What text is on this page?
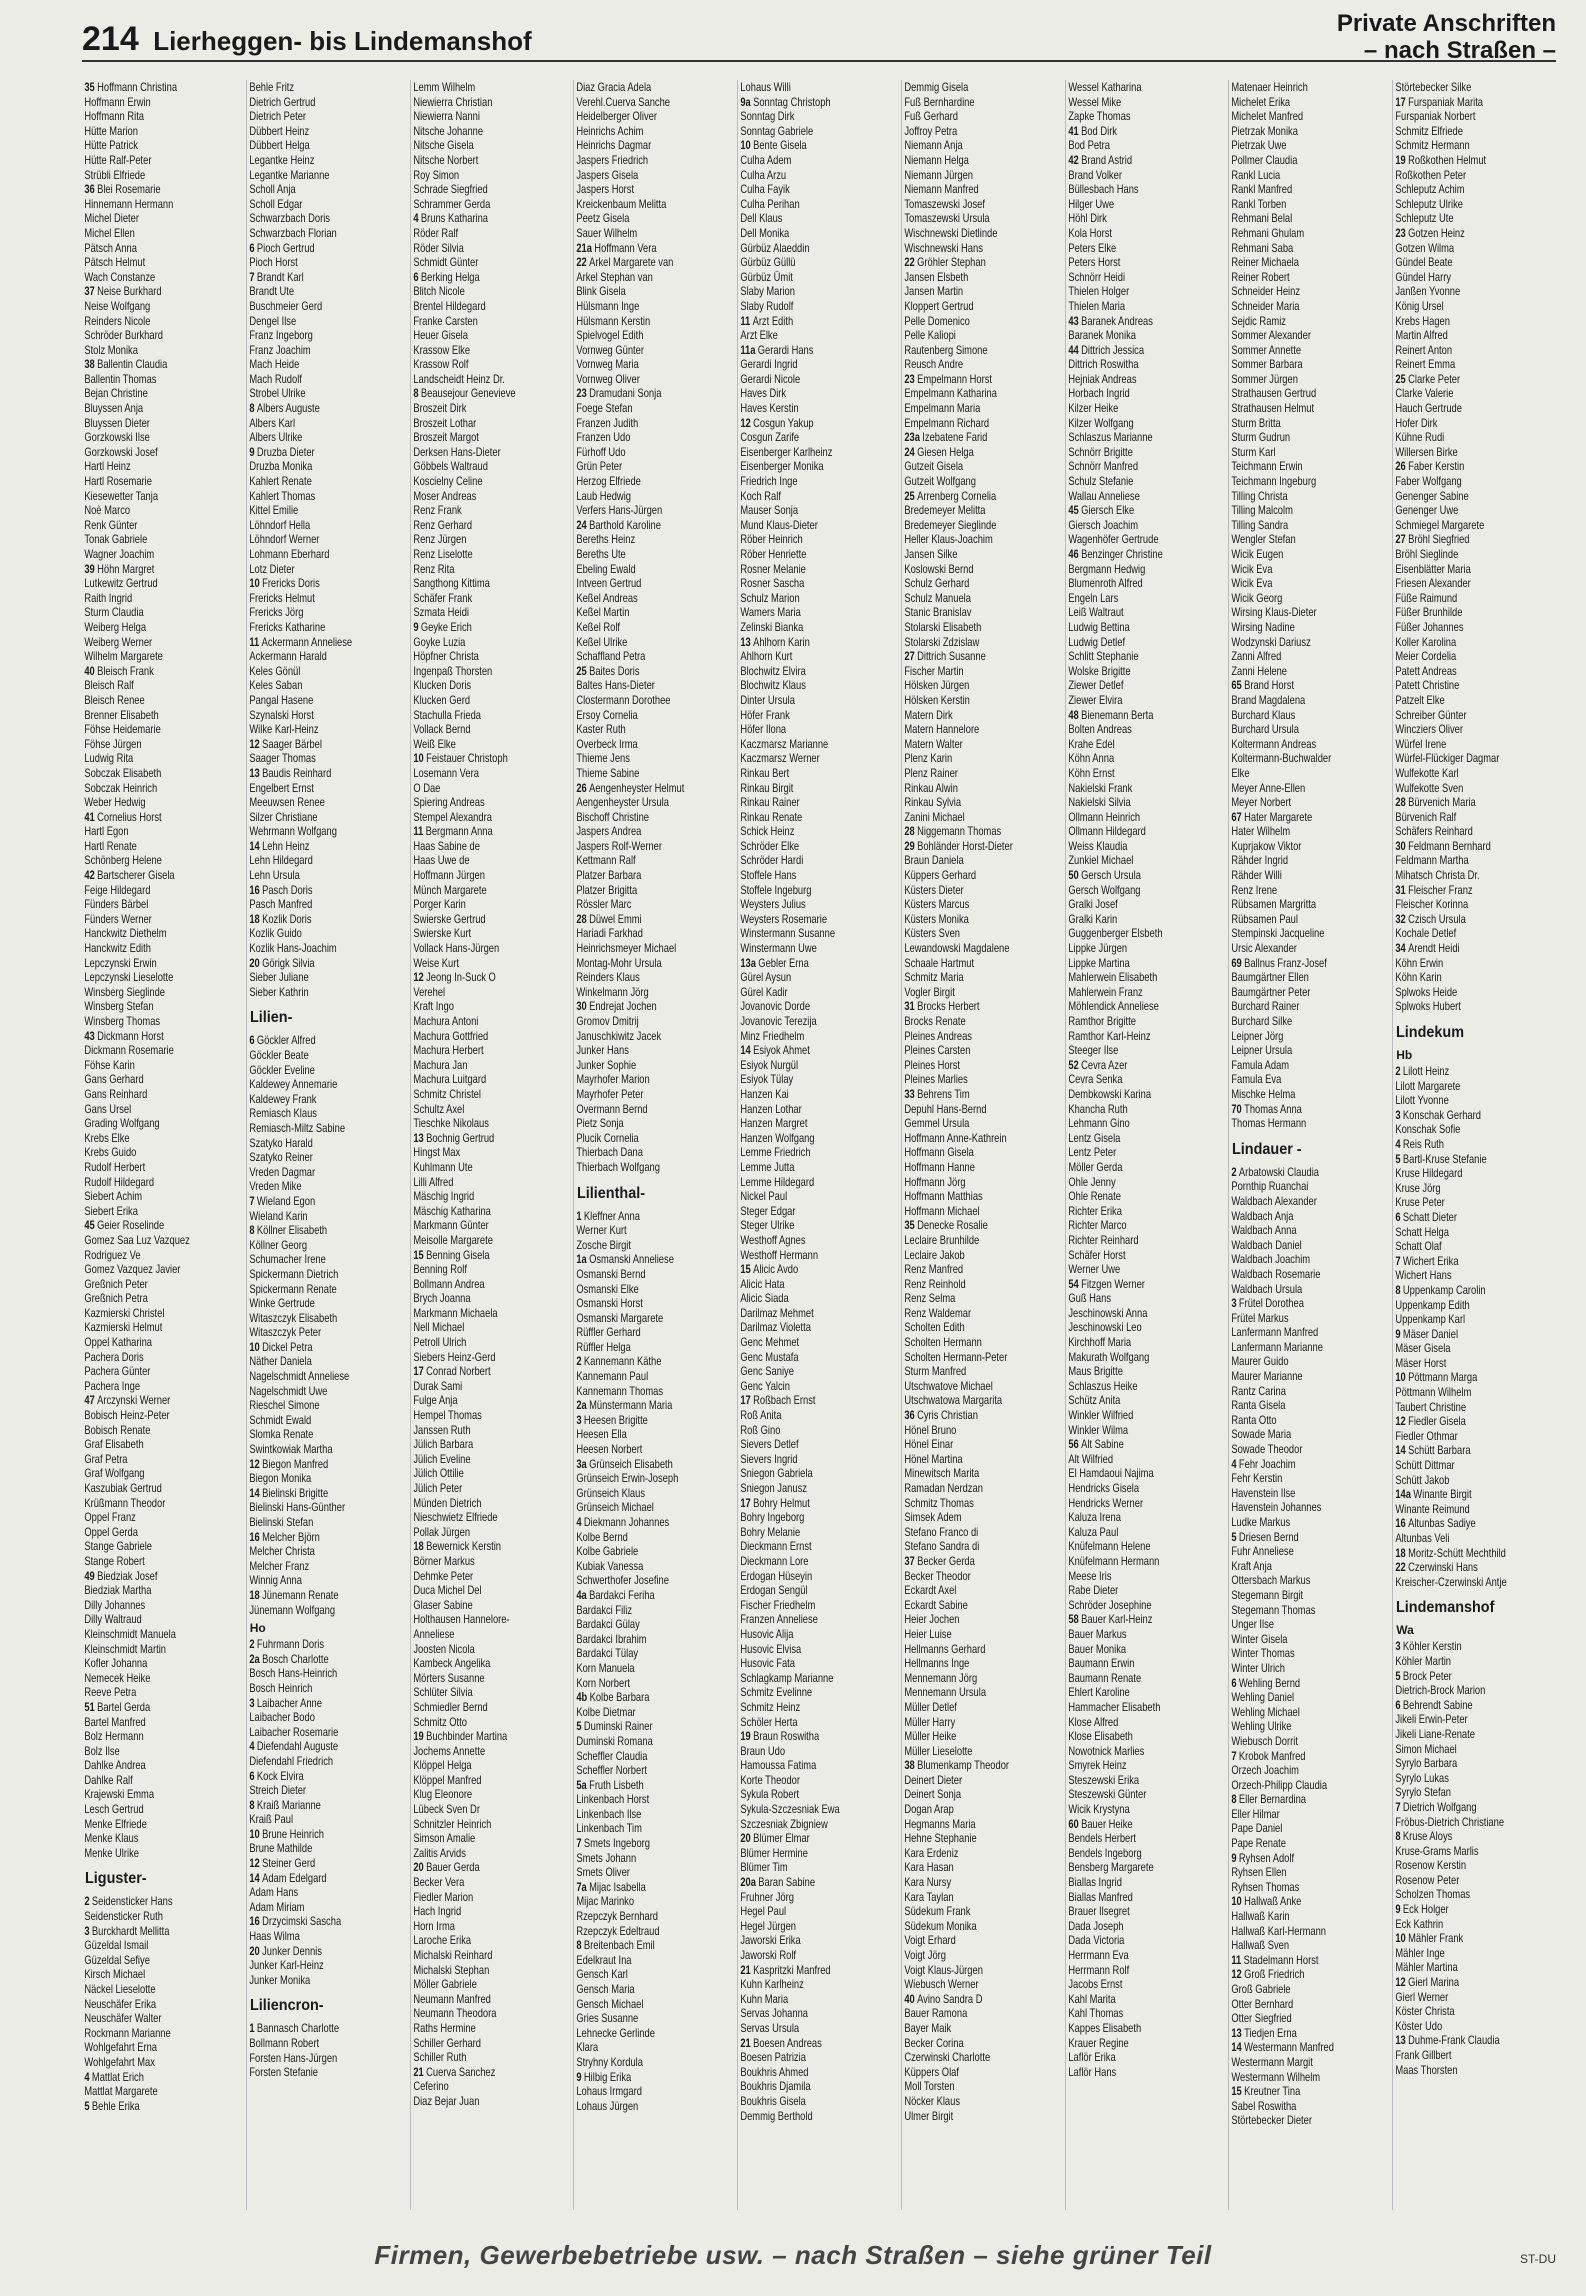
214 Lierheggen- bis Lindemanshof
Private Anschriften
– nach Straßen –
35 Hoffmann Christina
Hoffmann Erwin
Hoffmann Rita
Hütte Marion
Hütte Patrick
Hütte Ralf-Peter
Strübli Elfriede
36 Blei Rosemarie
Hinnemann Hermann
Michel Dieter
Michel Ellen
Pätsch Anna
Pätsch Helmut
Wach Constanze
37 Neise Burkhard
Neise Wolfgang
Reinders Nicole
Schröder Burkhard
Stolz Monika
38 Ballentin Claudia
Ballentin Thomas
Bejan Christine
Bluyssen Anja
Bluyssen Dieter
Gorzkowski Ilse
Gorzkowski Josef
Hartl Heinz
Hartl Rosemarie
Kiesewetter Tanja
Noè Marco
Renk Günter
Tonak Gabriele
Wagner Joachim
39 Höhn Margret
Lutkewitz Gertrud
Raith Ingrid
Sturm Claudia
Weiberg Helga
Weiberg Werner
Wilhelm Margarete
40 Bleisch Frank
Bleisch Ralf
Bleisch Renee
Brenner Elisabeth
Föhse Heidemarie
Föhse Jürgen
Ludwig Rita
Sobczak Elisabeth
Sobczak Heinrich
Weber Hedwig
41 Cornelius Horst
Hartl Egon
Hartl Renate
Schönberg Helene
42 Bartscherer Gisela
Feige Hildegard
Fünders Bärbel
Fünders Werner
Hanckwitz Diethelm
Hanckwitz Edith
Lepczynski Erwin
Lepczynski Lieselotte
Winsberg Sieglinde
Winsberg Stefan
Winsberg Thomas
43 Dickmann Horst
Dickmann Rosemarie
Föhse Karin
Gans Gerhard
Gans Reinhard
Gans Ursel
Grading Wolfgang
Krebs Elke
Krebs Guido
Rudolf Herbert
Rudolf Hildegard
Siebert Achim
Siebert Erika
45 Geier Roselinde
Gomez Saa Luz Vazquez
Rodriguez Ve
Gomez Vazquez Javier
Greßnich Peter
Greßnich Petra
Kazmierski Christel
Kazmierski Helmut
Oppel Katharina
Pachera Doris
Pachera Günter
Pachera Inge
47 Arczynski Werner
Bobisch Heinz-Peter
Bobisch Renate
Graf Elisabeth
Graf Petra
Graf Wolfgang
Kaszubiak Gertrud
Krüßmann Theodor
Oppel Franz
Oppel Gerda
Stange Gabriele
Stange Robert
49 Biedziak Josef
Biedziak Martha
Dilly Johannes
Dilly Waltraud
Kleinschmidt Manuela
Kleinschmidt Martin
Kofler Johanna
Nemecek Heike
Reeve Petra
51 Bartel Gerda
Bartel Manfred
Bolz Hermann
Bolz Ilse
Dahlke Andrea
Dahlke Ralf
Krajewski Emma
Lesch Gertrud
Menke Elfriede
Menke Klaus
Menke Ulrike
Liguster-
2 Seidensticker Hans
Seidensticker Ruth
3 Burckhardt Mellitta
Güzeldal Ismail
Güzeldal Sefiye
Kirsch Michael
Näckel Lieselotte
Neuschäfer Erika
Neuschäfer Walter
Rockmann Marianne
Wohlgefahrt Erna
Wohlgefahrt Max
4 Mattlat Erich
Mattlat Margarete
5 Behle Erika
Behle Fritz
Dietrich Gertrud
Dietrich Peter
Dübbert Heinz
Dübbert Helga
Legantke Heinz
Legantke Marianne
Scholl Anja
Scholl Edgar
Schwarzbach Doris
Schwarzbach Florian
6 Pioch Gertrud
Pioch Horst
7 Brandt Karl
Brandt Ute
Buschmeier Gerd
Dengel Ilse
Franz Ingeborg
Franz Joachim
Mach Heide
Mach Rudolf
Strobel Ulrike
8 Albers Auguste
Albers Karl
Albers Ulrike
9 Druzba Dieter
Druzba Monika
Kahlert Renate
Kahlert Thomas
Kittel Emilie
Löhndorf Hella
Löhndorf Werner
Lohmann Eberhard
Lotz Dieter
10 Frericks Doris
Frericks Helmut
Frericks Jörg
Frericks Katharine
11 Ackermann Anneliese
Ackermann Harald
Keles Gönül
Keles Saban
Pangal Hasene
Szynalski Horst
Wilke Karl-Heinz
12 Saager Bärbel
Saager Thomas
13 Baudis Reinhard
Engelbert Ernst
Meeuwsen Renee
Silzer Christiane
Wehrmann Wolfgang
14 Lehn Heinz
Lehn Hildegard
Lehn Ursula
16 Pasch Doris
Pasch Manfred
18 Kozlik Doris
Kozlik Guido
Kozlik Hans-Joachim
20 Görigk Silvia
Sieber Juliane
Sieber Kathrin
Lilien-
6 Göckler Alfred
Göckler Beate
Göckler Eveline
Kaldewey Annemarie
Kaldewey Frank
Remiasch Klaus
Remiasch-Miltz Sabine
Szatyko Harald
Szatyko Reiner
Vreden Dagmar
Vreden Mike
7 Wieland Egon
Wieland Karin
8 Köllner Elisabeth
Köllner Georg
Schumacher Irene
Spickermann Dietrich
Spickermann Renate
Winke Gertrude
Witaszczyk Elisabeth
Witaszczyk Peter
10 Dickel Petra
Näther Daniela
Nagelschmidt Anneliese
Nagelschmidt Uwe
Rieschel Simone
Schmidt Ewald
Slomka Renate
Swintkowiak Martha
12 Biegon Manfred
Biegon Monika
14 Bielinski Brigitte
Bielinski Hans-Günther
Bielinski Stefan
16 Melcher Björn
Melcher Christa
Melcher Franz
Winnig Anna
18 Jünemann Renate
Jünemann Wolfgang
Ho
2 Fuhrmann Doris
2a Bosch Charlotte
Bosch Hans-Heinrich
Bosch Heinrich
3 Laibacher Anne
Laibacher Bodo
Laibacher Rosemarie
4 Diefendahl Auguste
Diefendahl Friedrich
6 Kock Elvira
Streich Dieter
8 Kraiß Marianne
Kraiß Paul
10 Brune Heinrich
Brune Mathilde
12 Steiner Gerd
14 Adam Edelgard
Adam Hans
Adam Miriam
16 Drzycimski Sascha
Haas Wilma
20 Junker Dennis
Junker Karl-Heinz
Junker Monika
Liliencron-
1 Bannasch Charlotte
Bollmann Robert
Forsten Hans-Jürgen
Forsten Stefanie
Lemm Wilhelm
Niewierra Christian
Niewierra Nanni
Nitsche Johanne
Nitsche Gisela
Nitsche Norbert
Roy Simon
Schrade Siegfried
Schrammer Gerda
4 Bruns Katharina
Röder Ralf
Röder Silvia
Schmidt Günter
6 Berking Helga
Blitch Nicole
Brentel Hildegard
Franke Carsten
Heuer Gisela
Krassow Elke
Krassow Rolf
Landscheidt Heinz Dr.
8 Beausejour Genevieve
Broszeit Dirk
Broszeit Lothar
Broszeit Margot
Derksen Hans-Dieter
Göbbels Waltraud
Koscielny Celine
Moser Andreas
Renz Frank
Renz Gerhard
Renz Jürgen
Renz Liselotte
Renz Rita
Sangthong Kittima
Schäfer Frank
Szmata Heidi
9 Geyke Erich
Goyke Luzia
Höpfner Christa
Ingenpaß Thorsten
Klucken Doris
Klucken Gerd
Stachulla Frieda
Vollack Bernd
Weiß Elke
10 Feistauer Christoph
Losemann Vera
O Dae
Spiering Andreas
Stempel Alexandra
11 Bergmann Anna
Haas Sabine de
Haas Uwe de
Hoffmann Jürgen
Münch Margarete
Porger Karin
Swierske Gertrud
Swierske Kurt
Vollack Hans-Jürgen
Weise Kurt
12 Jeong In-Suck O
Verehel
Kraft Ingo
Machura Antoni
Machura Gottfried
Machura Herbert
Machura Jan
Machura Luitgard
Schmitz Christel
Schultz Axel
Tieschke Nikolaus
13 Bochnig Gertrud
Hingst Max
Kuhlmann Ute
Lilli Alfred
Mäschig Ingrid
Mäschig Katharina
Markmann Günter
Meisolle Margarete
15 Benning Gisela
Benning Rolf
Bollmann Andrea
Brych Joanna
Markmann Michaela
Nell Michael
Petroll Ulrich
Siebers Heinz-Gerd
17 Conrad Norbert
Durak Sami
Fulge Anja
Hempel Thomas
Janssen Ruth
Jülich Barbara
Jülich Eveline
Jülich Ottilie
Jülich Peter
Münden Dietrich
Nieschwietz Elfriede
Pollak Jürgen
18 Bewernick Kerstin
Börner Markus
Dehmke Peter
Duca Michel Del
Glaser Sabine
Holthausen Hannelore-
Anneliese
Joosten Nicola
Kambeck Angelika
Mörters Susanne
Schlüter Silvia
Schmiedler Bernd
Schmitz Otto
19 Buchbinder Martina
Jochems Annette
Klöppel Helga
Klöppel Manfred
Klug Eleonore
Lübeck Sven Dr
Schnitzler Heinrich
Simson Amalie
Zalitis Arvids
20 Bauer Gerda
Becker Vera
Fiedler Marion
Hach Ingrid
Horn Irma
Laroche Erika
Michalski Reinhard
Michalski Stephan
Möller Gabriele
Neumann Manfred
Neumann Theodora
Raths Hermine
Schiller Gerhard
Schiller Ruth
21 Cuerva Sanchez
Ceferino
Diaz Bejar Juan
Diaz Gracia Adela
Verehl.Cuerva Sanche
Heidelberger Oliver
Heinrichs Achim
Heinrichs Dagmar
Jaspers Friedrich
Jaspers Gisela
Jaspers Horst
Kreickenbaum Melitta
Peetz Gisela
Sauer Wilhelm
21a Hoffmann Vera
22 Arkel Margarete van
Arkel Stephan van
Blink Gisela
Hülsmann Inge
Hülsmann Kerstin
Spielvogel Edith
Vornweg Günter
Vornweg Maria
Vornweg Oliver
23 Dramudani Sonja
Foege Stefan
Franzen Judith
Franzen Udo
Fürhoff Udo
Grün Peter
Herzog Elfriede
Laub Hedwig
Verfers Hans-Jürgen
24 Barthold Karoline
Bereths Heinz
Bereths Ute
Ebeling Ewald
Intveen Gertrud
Keßel Andreas
Keßel Martin
Keßel Rolf
Keßel Ulrike
Schaffland Petra
25 Baites Doris
Baltes Hans-Dieter
Clostermann Dorothee
Ersoy Cornelia
Kaster Ruth
Overbeck Irma
Thieme Jens
Thieme Sabine
26 Aengenheyster Helmut
Aengenheyster Ursula
Bischoff Christine
Jaspers Andrea
Jaspers Rolf-Werner
Kettmann Ralf
Platzer Barbara
Platzer Brigitta
Rössler Marc
28 Düwel Emmi
Hariadi Farkhad
Heinrichsmeyer Michael
Montag-Mohr Ursula
Reinders Klaus
Winkelmann Jörg
30 Endrejat Jochen
Gromov Dmitrij
Januschkiwitz Jacek
Junker Hans
Junker Sophie
Mayrhofer Marion
Mayrhofer Peter
Overmann Bernd
Pietz Sonja
Plucik Cornelia
Thierbach Dana
Thierbach Wolfgang
Lilienthal-
1 Kleffner Anna
Werner Kurt
Zosche Birgit
1a Osmanski Anneliese
Osmanski Bernd
Osmanski Elke
Osmanski Horst
Osmanski Margarete
Rüffler Gerhard
Rüffler Helga
2 Kannemann Käthe
Kannemann Paul
Kannemann Thomas
2a Münstermann Maria
3 Heesen Brigitte
Heesen Ella
Heesen Norbert
3a Grünseich Elisabeth
Grünseich Erwin-Joseph
Grünseich Klaus
Grünseich Michael
4 Diekmann Johannes
Kolbe Bernd
Kolbe Gabriele
Kubiak Vanessa
Schwerthofer Josefine
4a Bardakci Feriha
Bardakci Filiz
Bardakci Gülay
Bardakci Ibrahim
Bardakci Tülay
Korn Manuela
Korn Norbert
4b Kolbe Barbara
Kolbe Dietmar
5 Duminski Rainer
Duminski Romana
Scheffler Claudia
Scheffler Norbert
5a Fruth Lisbeth
Linkenbach Horst
Linkenbach Ilse
Linkenbach Tim
7 Smets Ingeborg
Smets Johann
Smets Oliver
7a Mijac Isabella
Mijac Marinko
Rzepczyk Bernhard
Rzepczyk Edeltraud
8 Breitenbach Emil
Edelkraut Ina
Gensch Karl
Gensch Maria
Gensch Michael
Gries Susanne
Lehnecke Gerlinde
Klara
Stryhny Kordula
9 Hilbig Erika
Lohaus Irmgard
Lohaus Jürgen
Lohaus Willi
9a Sonntag Christoph
Sonntag Dirk
Sonntag Gabriele
10 Bente Gisela
Culha Adem
Culha Arzu
Culha Fayik
Culha Perihan
Dell Klaus
Dell Monika
Gürbüz Alaeddin
Gürbüz Güllü
Gürbüz Ümit
Slaby Marion
Slaby Rudolf
11 Arzt Edith
Arzt Elke
11a Gerardi Hans
Gerardi Ingrid
Gerardi Nicole
Haves Dirk
Haves Kerstin
12 Cosgun Yakup
Cosgun Zarife
Eisenberger Karlheinz
Eisenberger Monika
Friedrich Inge
Koch Ralf
Mauser Sonja
Mund Klaus-Dieter
Röber Heinrich
Röber Henriette
Rosner Melanie
Rosner Sascha
Schulz Marion
Wamers Maria
Zelinski Bianka
13 Ahlhorn Karin
Ahlhorn Kurt
Blochwitz Elvira
Blochwitz Klaus
Dinter Ursula
Höfer Frank
Höfer Ilona
Kaczmarsz Marianne
Kaczmarsz Werner
Rinkau Bert
Rinkau Birgit
Rinkau Rainer
Rinkau Renate
Schick Heinz
Schröder Elke
Schröder Hardi
Stoffele Hans
Stoffele Ingeburg
Weysters Julius
Weysters Rosemarie
Winstermann Susanne
Winstermann Uwe
13a Gebler Erna
Gürel Aysun
Gürel Kadir
Jovanovic Dorde
Jovanovic Terezija
Minz Friedhelm
14 Esiyok Ahmet
Esiyok Nurgül
Esiyok Tülay
Hanzen Kai
Hanzen Lothar
Hanzen Margret
Hanzen Wolfgang
Lemme Friedrich
Lemme Jutta
Lemme Hildegard
Nickel Paul
Steger Edgar
Steger Ulrike
Westhoff Agnes
Westhoff Hermann
15 Alicic Avdo
Alicic Hata
Alicic Siada
Darilmaz Mehmet
Darilmaz Violetta
Genc Mehmet
Genc Mustafa
Genc Saniye
Genc Yalcin
17 Roßbach Ernst
Roß Anita
Roß Gino
Sievers Detlef
Sievers Ingrid
Sniegon Gabriela
Sniegon Janusz
17 Bohry Helmut
Bohry Ingeborg
Bohry Melanie
Dieckmann Ernst
Dieckmann Lore
Erdogan Hüseyin
Erdogan Sengül
Fischer Friedhelm
Franzen Anneliese
Husovic Alija
Husovic Elvisa
Husovic Fata
Schlagkamp Marianne
Schmitz Evelinne
Schmitz Heinz
Schöler Herta
19 Braun Roswitha
Braun Udo
Hamoussa Fatima
Korte Theodor
Sykula Robert
Sykula-Szczesniak Ewa
Szczesniak Zbigniew
20 Blümer Elmar
Blümer Hermine
Blümer Tim
20a Baran Sabine
Fruhner Jörg
Hegel Paul
Hegel Jürgen
Jaworski Erika
Jaworski Rolf
21 Kaspritzki Manfred
Kuhn Karlheinz
Kuhn Maria
Servas Johanna
Servas Ursula
21 Boesen Andreas
Boesen Patrizia
Boukhris Ahmed
Boukhris Djamila
Boukhris Gisela
Demmig Berthold
Demmig Gisela
Fuß Bernhardine
Fuß Gerhard
Joffroy Petra
Niemann Anja
Niemann Helga
Niemann Jürgen
Niemann Manfred
Tomaszewski Josef
Tomaszewski Ursula
Wischnewski Dietlinde
Wischnewski Hans
22 Gröhler Stephan
Jansen Elsbeth
Jansen Martin
Kloppert Gertrud
Pelle Domenico
Pelle Kaliopi
Rautenberg Simone
Reusch Andre
23 Empelmann Horst
Empelmann Katharina
Empelmann Maria
Empelmann Richard
23a Izebatene Farid
24 Giesen Helga
Gutzeit Gisela
Gutzeit Wolfgang
25 Arrenberg Cornelia
Bredemeyer Melitta
Bredemeyer Sieglinde
Heller Klaus-Joachim
Jansen Silke
Koslowski Bernd
Schulz Gerhard
Schulz Manuela
Stanic Branislav
Stolarski Elisabeth
Stolarski Zdzislaw
27 Dittrich Susanne
Fischer Martin
Hölsken Jürgen
Hölsken Kerstin
Matern Dirk
Matern Hannelore
Matern Walter
Plenz Karin
Plenz Rainer
Rinkau Alwin
Rinkau Sylvia
Zanini Michael
28 Niggemann Thomas
29 Bohländer Horst-Dieter
Braun Daniela
Küppers Gerhard
Küsters Dieter
Küsters Marcus
Küsters Monika
Küsters Sven
Lewandowski Magdalene
Schaale Hartmut
Schmitz Maria
Vogler Birgit
31 Brocks Herbert
Brocks Renate
Pleines Andreas
Pleines Carsten
Pleines Horst
Pleines Marlies
33 Behrens Tim
Depuhl Hans-Bernd
Gemmel Ursula
Hoffmann Anne-Kathrein
Hoffmann Gisela
Hoffmann Hanne
Hoffmann Jörg
Hoffmann Matthias
Hoffmann Michael
35 Denecke Rosalie
Leclaire Brunhilde
Leclaire Jakob
Renz Manfred
Renz Reinhold
Renz Selma
Renz Waldemar
Scholten Edith
Scholten Hermann
Scholten Hermann-Peter
Sturm Manfred
Utschwatove Michael
Utschwatowa Margarita
36 Cyris Christian
Hönel Bruno
Hönel Einar
Hönel Martina
Minewitsch Marita
Ramadan Nerdzan
Schmitz Thomas
Simsek Adem
Stefano Franco di
Stefano Sandra di
37 Becker Gerda
Becker Theodor
Eckardt Axel
Eckardt Sabine
Heier Jochen
Heier Luise
Hellmanns Gerhard
Hellmanns Inge
Mennemann Jörg
Mennemann Ursula
Müller Detlef
Müller Harry
Müller Heike
Müller Lieselotte
38 Blumenkamp Theodor
Deinert Dieter
Deinert Sonja
Dogan Arap
Hegmanns Maria
Hehne Stephanie
Kara Erdeniz
Kara Hasan
Kara Nursy
Kara Taylan
Südekum Frank
Südekum Monika
Voigt Erhard
Voigt Jörg
Voigt Klaus-Jürgen
Wiebusch Werner
40 Avino Sandra D
Bauer Ramona
Bayer Maik
Becker Corina
Czerwinski Charlotte
Küppers Olaf
Moll Torsten
Nöcker Klaus
Ulmer Birgit
Wessel Katharina
Wessel Mike
Zapke Thomas
41 Bod Dirk
Bod Petra
42 Brand Astrid
Brand Volker
Büllesbach Hans
Hilger Uwe
Höhl Dirk
Kola Horst
Peters Elke
Peters Horst
Schnörr Heidi
Thielen Holger
Thielen Maria
43 Baranek Andreas
Baranek Monika
44 Dittrich Jessica
Dittrich Roswitha
Hejniak Andreas
Horbach Ingrid
Kilzer Heike
Kilzer Wolfgang
Schlaszus Marianne
Schnörr Brigitte
Schnörr Manfred
Schulz Stefanie
Wallau Anneliese
45 Giersch Elke
Giersch Joachim
Wagenhöfer Gertrude
46 Benzinger Christine
Bergmann Hedwig
Blumenroth Alfred
Engeln Lars
Leiß Waltraut
Ludwig Bettina
Ludwig Detlef
Schlitt Stephanie
Wolske Brigitte
Ziewer Detlef
Ziewer Elvira
48 Bienemann Berta
Bolten Andreas
Krahe Edel
Köhn Anna
Köhn Ernst
Nakielski Frank
Nakielski Silvia
Ollmann Heinrich
Ollmann Hildegard
Weiss Klaudia
Zunkiel Michael
50 Gersch Ursula
Gersch Wolfgang
Gralki Josef
Gralki Karin
Guggenberger Elsbeth
Lippke Jürgen
Lippke Martina
Mahlerwein Elisabeth
Mahlerwein Franz
Möhlendick Anneliese
Ramthor Brigitte
Ramthor Karl-Heinz
Steeger Ilse
52 Cevra Azer
Cevra Senka
Dembkowski Karina
Khancha Ruth
Lehmann Gino
Lentz Gisela
Lentz Peter
Möller Gerda
Ohle Jenny
Ohle Renate
Richter Erika
Richter Marco
Richter Reinhard
Schäfer Horst
Werner Uwe
54 Fitzgen Werner
Guß Hans
Jeschinowski Anna
Jeschinowski Leo
Kirchhoff Maria
Makurath Wolfgang
Maus Brigitte
Schlaszus Heike
Schütz Anita
Winkler Wilfried
Winkler Wilma
56 Alt Sabine
Alt Wilfried
El Hamdaoui Najima
Hendricks Gisela
Hendricks Werner
Kaluza Irena
Kaluza Paul
Knüfelmann Helene
Knüfelmann Hermann
Meese Iris
Rabe Dieter
Schröder Josephine
58 Bauer Karl-Heinz
Bauer Markus
Bauer Monika
Baumann Erwin
Baumann Renate
Ehlert Karoline
Hammacher Elisabeth
Klose Alfred
Klose Elisabeth
Nowotnick Marlies
Smyrek Heinz
Steszewski Erika
Steszewski Günter
Wicik Krystyna
60 Bauer Heike
Bendels Herbert
Bendels Ingeborg
Bensberg Margarete
Biallas Ingrid
Biallas Manfred
Brauer Ilsegret
Dada Joseph
Dada Victoria
Herrmann Eva
Herrmann Rolf
Jacobs Ernst
Kahl Marita
Kahl Thomas
Kappes Elisabeth
Krauer Regine
Laflör Erika
Laflör Hans
Matenaer Heinrich
Michelet Erika
Michelet Manfred
Pietrzak Monika
Pietrzak Uwe
Pollmer Claudia
Rankl Lucia
Rankl Manfred
Rankl Torben
Rehmani Belal
Rehmani Ghulam
Rehmani Saba
Reiner Michaela
Reiner Robert
Schneider Heinz
Schneider Maria
Sejdic Ramiz
Sommer Alexander
Sommer Annette
Sommer Barbara
Sommer Jürgen
Strathausen Gertrud
Strathausen Helmut
Sturm Britta
Sturm Gudrun
Sturm Karl
Teichmann Erwin
Teichmann Ingeburg
Tilling Christa
Tilling Malcolm
Tilling Sandra
Wengler Stefan
Wicik Eugen
Wicik Eva
Wicik Eva
Wicik Georg
Wirsing Klaus-Dieter
Wirsing Nadine
Wodzynski Dariusz
Zanni Alfred
Zanni Helene
65 Brand Horst
Brand Magdalena
Burchard Klaus
Burchard Ursula
Koltermann Andreas
Koltermann-Buchwalder
Elke
Meyer Anne-Ellen
Meyer Norbert
67 Hater Margarete
Hater Wilhelm
Kuprjakow Viktor
Rähder Ingrid
Rähder Willi
Renz Irene
Rübsamen Margritta
Rübsamen Paul
Stempinski Jacqueline
Ursic Alexander
69 Ballnus Franz-Josef
Baumgärtner Ellen
Baumgärtner Peter
Burchard Rainer
Burchard Silke
Leipner Jörg
Leipner Ursula
Famula Adam
Famula Eva
Mischke Helma
70 Thomas Anna
Thomas Hermann
Lindauer -
2 Arbatowski Claudia
Pornthip Ruanchai
Waldbach Alexander
Waldbach Anja
Waldbach Anna
Waldbach Daniel
Waldbach Joachim
Waldbach Rosemarie
Waldbach Ursula
3 Frütel Dorothea
Frütel Markus
Lanfermann Manfred
Lanfermann Marianne
Maurer Guido
Maurer Marianne
Rantz Carina
Ranta Gisela
Ranta Otto
Sowade Maria
Sowade Theodor
4 Fehr Joachim
Fehr Kerstin
Havenstein Ilse
Havenstein Johannes
Ludke Markus
5 Driesen Bernd
Fuhr Anneliese
Kraft Anja
Ottersbach Markus
Stegemann Birgit
Stegemann Thomas
Unger Ilse
Winter Gisela
Winter Thomas
Winter Ulrich
6 Wehling Bernd
Wehling Daniel
Wehling Michael
Wehling Ulrike
Wiebusch Dorrit
7 Krobok Manfred
Orzech Joachim
Orzech-Philipp Claudia
8 Eller Bernardina
Eller Hilmar
Pape Daniel
Pape Renate
9 Ryhsen Adolf
Ryhsen Ellen
Ryhsen Thomas
10 Hallwaß Anke
Hallwaß Karin
Hallwaß Karl-Hermann
Hallwaß Sven
11 Stadelmann Horst
12 Groß Friedrich
Groß Gabriele
Otter Bernhard
Otter Siegfried
13 Tiedjen Erna
14 Westermann Manfred
Westermann Margit
Westermann Wilhelm
15 Kreutner Tina
Sabel Roswitha
Störtebecker Dieter
Störtebecker Silke
17 Furspaniak Marita
Furspaniak Norbert
Schmitz Elfriede
Schmitz Hermann
19 Roßkothen Helmut
Roßkothen Peter
Schleputz Achim
Schleputz Ulrike
Schleputz Ute
23 Gotzen Heinz
Gotzen Wilma
Gündel Beate
Gündel Harry
Janßen Yvonne
König Ursel
Krebs Hagen
Martin Alfred
Reinert Anton
Reinert Emma
25 Clarke Peter
Clarke Valerie
Hauch Gertrude
Hofer Dirk
Kühne Rudi
Willersen Birke
26 Faber Kerstin
Faber Wolfgang
Genenger Sabine
Genenger Uwe
Schmiegel Margarete
27 Bröhl Siegfried
Bröhl Sieglinde
Eisenblätter Maria
Friesen Alexander
Füße Raimund
Füßer Brunhilde
Füßer Johannes
Koller Karolina
Meier Cordelia
Patett Andreas
Patett Christine
Patzelt Elke
Schreiber Günter
Wincziers Oliver
Würfel Irene
Würfel-Flückiger Dagmar
Wulfekotte Karl
Wulfekotte Sven
28 Bürvenich Maria
Bürvenich Ralf
Schäfers Reinhard
30 Feldmann Bernhard
Feldmann Martha
Mihatsch Christa Dr.
31 Fleischer Franz
Fleischer Korinna
32 Czisch Ursula
Kochale Detlef
34 Arendt Heidi
Köhn Erwin
Köhn Karin
Splwoks Heide
Splwoks Hubert
Lindekum
Hb
2 Lilott Heinz
Lilott Margarete
Lilott Yvonne
3 Konschak Gerhard
Konschak Sofie
4 Reis Ruth
5 Bartl-Kruse Stefanie
Kruse Hildegard
Kruse Jörg
Kruse Peter
6 Schatt Dieter
Schatt Helga
Schatt Olaf
7 Wichert Erika
Wichert Hans
8 Uppenkamp Carolin
Uppenkamp Edith
Uppenkamp Karl
9 Mäser Daniel
Mäser Gisela
Mäser Horst
10 Pöttmann Marga
Pöttmann Wilhelm
Taubert Christine
12 Fiedler Gisela
Fiedler Othmar
14 Schütt Barbara
Schütt Dittmar
Schütt Jakob
14a Winante Birgit
Winante Reimund
16 Altunbas Sadiye
Altunbas Veli
18 Moritz-Schütt Mechthild
22 Czerwinski Hans
Kreischer-Czerwinski Antje
Lindemanshof
Wa
3 Köhler Kerstin
Köhler Martin
5 Brock Peter
Dietrich-Brock Marion
6 Behrendt Sabine
Jikeli Erwin-Peter
Jikeli Liane-Renate
Simon Michael
Syrylo Barbara
Syrylo Lukas
Syrylo Stefan
7 Dietrich Wolfgang
Fröbus-Dietrich Christiane
8 Kruse Aloys
Kruse-Grams Marlis
Rosenow Kerstin
Rosenow Peter
Scholzen Thomas
9 Eck Holger
Eck Kathrin
10 Mähler Frank
Mähler Inge
Mähler Martina
12 Gierl Marina
Gierl Werner
Köster Christa
Köster Udo
13 Duhme-Frank Claudia
Frank Gillbert
Maas Thorsten
Firmen, Gewerbebetriebe usw. – nach Straßen – siehe grüner Teil	ST-DU
